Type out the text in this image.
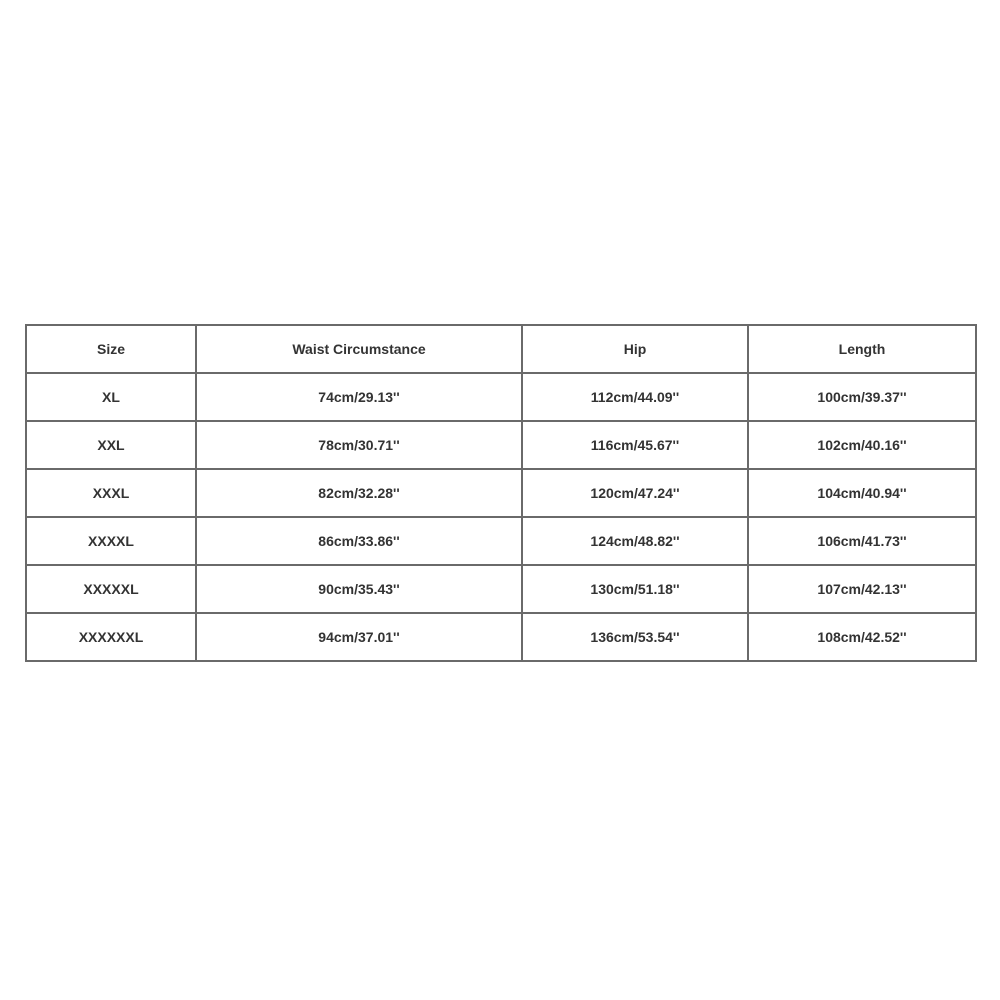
Size	Waist Circumstance	Hip	Length
XL	74cm/29.13''	112cm/44.09''	100cm/39.37''
XXL	78cm/30.71''	116cm/45.67''	102cm/40.16''
XXXL	82cm/32.28''	120cm/47.24''	104cm/40.94''
XXXXL	86cm/33.86''	124cm/48.82''	106cm/41.73''
XXXXXL	90cm/35.43''	130cm/51.18''	107cm/42.13''
XXXXXXL	94cm/37.01''	136cm/53.54''	108cm/42.52''
